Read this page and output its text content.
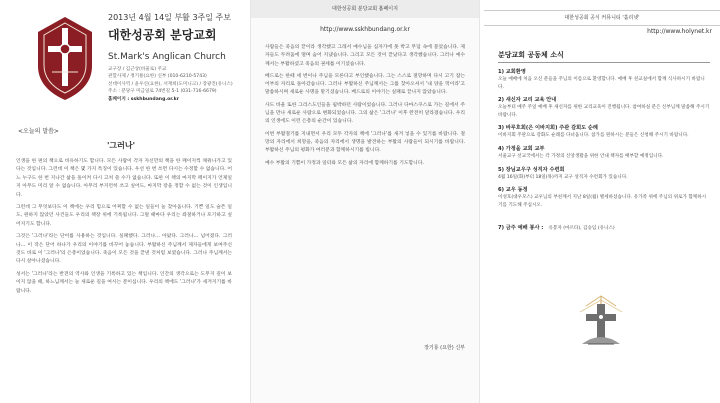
2013년 4월 14일 부활 3주일 주보
대한성공회 분당교회
St.Mark's Anglican Church
교구장 / 김근상(바울로) 주교
관할사제 / 정기룡(요한) 신부 (010-6210-5743)
선데이사역 / 윤우신(요한), 서재희(도미니크) / 장광진(유니스)
주소 : 분당구 미금일로 74번길 5-1 (031-716-6679)
홈페이지 : sskhbundang.or.kr
<오늘의 말씀>
'그러나'

인생을 한 편의 책으로 비유하기도 합니다. 모든 사람이 각자 자신만의 책을 한 페이지씩 채워나가고 있다는 것입니다. 그런데 이 책은 몇 가지 특징이 있습니다. 우선 한 번 쓰면 다시는 수정할 수 없습니다. 어느 누구도 한 번 지나간 삶을 돌이켜 다시 고쳐 쓸 수가 없습니다. 또한 이 책의 마지막 페이지가 언제일지 아무도 미리 알 수 없습니다. 아무리 부지런히 쓰고 싶어도, 마지막 장을 정할 수 없는 것이 인생입니다.

그런데 그 무엇보다도 이 책에는 우리 힘으로 어찌할 수 없는 일들이 늘 찾아옵니다. 기쁜 일도 슬픈 일도, 원하지 않았던 사건들도 우리의 책장 위에 기록됩니다. 그럴 때마다 우리는 좌절하거나 포기하고 싶어지기도 합니다.

그것은 '그러나'라는 단어를 사용하는 것입니다. 실패했다. 그러나… 아팠다. 그러나… 넘어졌다. 그러나… 이 작은 단어 하나가 우리의 이야기를 바꾸어 놓습니다. 부활하신 주님께서 제자들에게 보여주신 것도 바로 이 '그러나'의 은총이었습니다. 죽음이 모든 것을 끝낸 것처럼 보였습니다. 그러나 주님께서는 다시 살아나셨습니다.

성서는 '그러나'라는 반전의 역사와 인생을 기록하고 있는 책입니다. 인간의 생각으로는 도무지 길이 보이지 않을 때, 하느님께서는 늘 새로운 길을 여시는 분이십니다. 우리의 책에도 '그러나'가 새겨지기를 바랍니다.

대한성공회 분당교회 홈페이지
http://www.sskhbundang.or.kr

사람들은 죽음의 끝이라 생각했고 그래서 예수님을 십자가에 못 박고 무덤 속에 묻었습니다. 제자들도 두려움에 떨며 숨어 지냈습니다. 그리고 모든 것이 끝났다고 생각했습니다. 그러나 예수께서는 부활하셨고 죽음의 권세를 이기셨습니다.

베드로는 한때 세 번이나 주님을 모른다고 부인했습니다. 그는 스스로 절망하며 다시 고기 잡는 어부의 자리로 돌아갔습니다. 그러나 부활하신 주님께서는 그를 찾아오셔서 '내 양을 먹이라'고 말씀하시며 새로운 사명을 맡기셨습니다. 베드로의 이야기는 실패로 끝나지 않았습니다.

사도 바울 또한 그리스도인들을 핍박하던 사람이었습니다. 그러나 다마스쿠스로 가는 길에서 주님을 만나 새로운 사람으로 변화되었습니다. 그의 삶은 '그러나' 이후 완전히 달라졌습니다. 우리의 인생에도 이런 은총의 순간이 있습니다.

이번 부활절기를 지내면서 우리 모두 각자의 책에 '그러나'를 새겨 넣을 수 있기를 바랍니다. 절망의 자리에서 희망을, 죽음의 자리에서 생명을 발견하는 부활의 사람들이 되시기를 바랍니다. 부활하신 주님의 평화가 여러분과 함께하시기를 빕니다.

예수 부활의 기쁨이 가정과 일터와 모든 삶의 자리에 함께하기를 기도합니다.

장기룡 (요한) 신부
대한성공회 공식 커뮤니티 '홀리넷'
http://www.holynet.kr
분당교회 공동체 소식
1) 교회환영
오늘 예배에 처음 오신 분들을 주님의 이름으로 환영합니다. 예배 후 친교실에서 함께 식사하시기 바랍니다.
2) 새신자 교리 교육 안내
오늘부터 매주 주일 예배 후 새신자를 위한 교리교육이 진행됩니다. 참여하실 분은 신부님께 말씀해 주시기 바랍니다.
3) 바루호회(은 이바지회) 주관 감회도 순례
이바지회 주관으로 강화도 순례를 다녀옵니다. 참가를 원하시는 분들은 신청해 주시기 바랍니다.
4) 가정을 교회 교부
서울교구 선교국에서는 각 가정의 신앙생활을 위한 안내 책자를 배부할 예정입니다.
5) 장님교우구 성직자 수련회
4월 16일(화)부터 18일(목)까지 교구 성직자 수련회가 있습니다.
6) 교우 동정
이성호(대우모스) 교우님의 부친께서 지난 8일(월) 별세하셨습니다. 유가족 위에 주님의 위로가 함께하시기를 기도해 주십시오.
7) 금주 예배 봉사 : 유봉자 (마르타), 김승임 (유니스)
